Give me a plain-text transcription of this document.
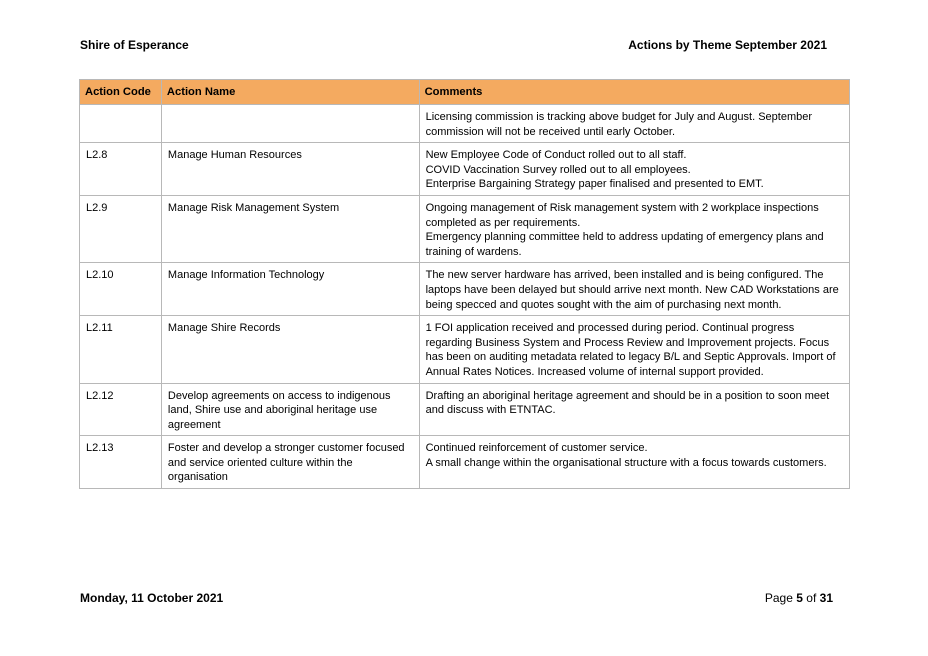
Shire of Esperance	Actions by Theme September 2021
Action Code	Action Name	Comments

		Licensing commission is tracking above budget for July and August. September commission will not be received until early October.

L2.8	Manage Human Resources	New Employee Code of Conduct rolled out to all staff.
COVID Vaccination Survey rolled out to all employees.
Enterprise Bargaining Strategy paper finalised and presented to EMT.

L2.9	Manage Risk Management System	Ongoing management of Risk management system with 2 workplace inspections completed as per requirements.
Emergency planning committee held to address updating of emergency plans and training of wardens.

L2.10	Manage Information Technology	The new server hardware has arrived, been installed and is being configured. The laptops have been delayed but should arrive next month. New CAD Workstations are being specced and quotes sought with the aim of purchasing next month.

L2.11	Manage Shire Records	1 FOI application received and processed during period. Continual progress regarding Business System and Process Review and Improvement projects. Focus has been on auditing metadata related to legacy B/L and Septic Approvals. Import of Annual Rates Notices. Increased volume of internal support provided.

L2.12	Develop agreements on access to indigenous land, Shire use and aboriginal heritage use agreement	Drafting an aboriginal heritage agreement and should be in a position to soon meet and discuss with ETNTAC.

L2.13	Foster and develop a stronger customer focused and service oriented culture within the organisation	Continued reinforcement of customer service.
A small change within the organisational structure with a focus towards customers.
Monday, 11 October 2021	Page 5 of 31
